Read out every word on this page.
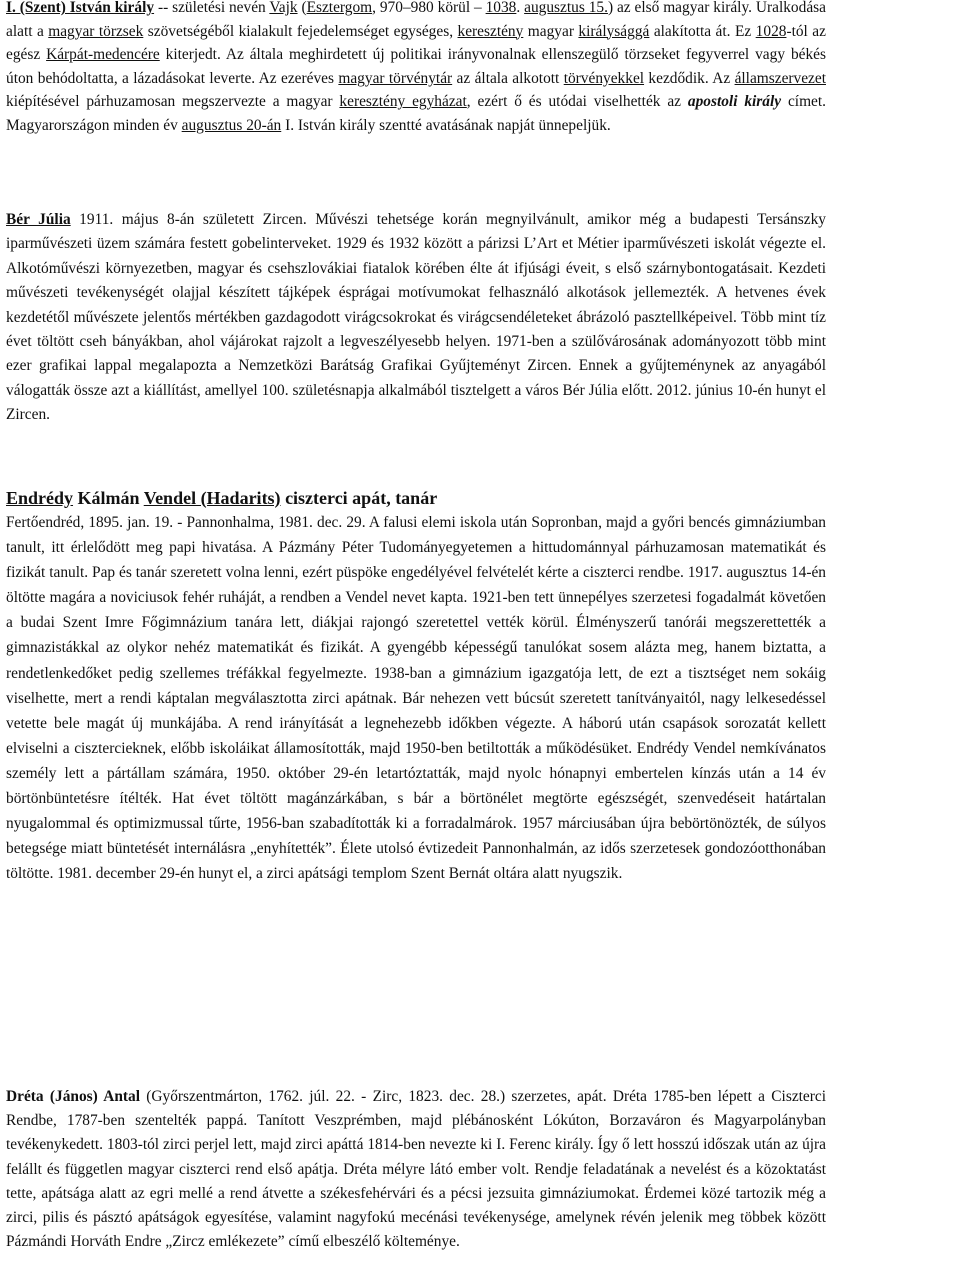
I. (Szent) István király -- születési nevén Vajk (Esztergom, 970–980 körül – 1038. augusztus 15.) az első magyar király. Uralkodása alatt a magyar törzsek szövetségéből kialakult fejedelemséget egységes, keresztény magyar királysággá alakította át. Ez 1028-tól az egész Kárpát-medencére kiterjedt. Az általa meghirdetett új politikai irányvonalnak ellenszegülő törzseket fegyverrel vagy békés úton behódoltatta, a lázadásokat leverte. Az ezeréves magyar törvénytár az általa alkotott törvényekkel kezdődik. Az államszervezet kiépítésével párhuzamosan megszervezte a magyar keresztény egyházat, ezért ő és utódai viselhették az apostoli király címet. Magyarországon minden év augusztus 20-án I. István király szentté avatásának napját ünnepeljük.

Bér Júlia 1911. május 8-án született Zircen. Művészi tehetsége korán megnyilvánult, amikor még a budapesti Tersánszky iparművészeti üzem számára festett gobelinterveket. 1929 és 1932 között a párizsi L’Art et Métier iparművészeti iskolát végezte el. Alkotóművészi környezetben, magyar és csehszlovákiai fiatalok körében élte át ifjúsági éveit, s első szárnybontogatásait. Kezdeti művészeti tevékenységét olajjal készített tájképek ésprágai motívumokat felhasználó alkotások jellemezték. A hetvenes évek kezdetétől művészete jelentős mértékben gazdagodott virágcsokrokat és virágcsendéleteket ábrázoló pasztellképeivel. Több mint tíz évet töltött cseh bányákban, ahol vájárokat rajzolt a legveszélyesebb helyen. 1971-ben a szülővárosának adományozott több mint ezer grafikai lappal megalapozta a Nemzetközi Barátság Grafikai Gyűjteményt Zircen. Ennek a gyűjteménynek az anyagából válogatták össze azt a kiállítást, amellyel 100. születésnapja alkalmából tisztelgett a város Bér Júlia előtt. 2012. június 10-én hunyt el Zircen.

Endrédy Kálmán Vendel (Hadarits) ciszterci apát, tanár

Fertőendréd, 1895. jan. 19. - Pannonhalma, 1981. dec. 29. A falusi elemi iskola után Sopronban, majd a győri bencés gimnáziumban tanult, itt érlelődött meg papi hivatása. A Pázmány Péter Tudományegyetemen a hittudománnyal párhuzamosan matematikát és fizikát tanult. Pap és tanár szeretett volna lenni, ezért püspöke engedélyével felvételét kérte a ciszterci rendbe. 1917. augusztus 14-én öltötte magára a noviciusok fehér ruháját, a rendben a Vendel nevet kapta. 1921-ben tett ünnepélyes szerzetesi fogadalmát követően a budai Szent Imre Főgimnázium tanára lett, diákjai rajongó szeretettel vették körül. Élményszerű tanórái megszerettették a gimnazistákkal az olykor nehéz matematikát és fizikát. A gyengébb képességű tanulókat sosem alázta meg, hanem biztatta, a rendetlenkedőket pedig szellemes tréfákkal fegyelmezte. 1938-ban a gimnázium igazgatója lett, de ezt a tisztséget nem sokáig viselhette, mert a rendi káptalan megválasztotta zirci apátnak. Bár nehezen vett búcsút szeretett tanítványaitól, nagy lelkesedéssel vetette bele magát új munkájába. A rend irányítását a legnehezebb időkben végezte. A háború után csapások sorozatát kellett elviselni a cisztercieknek, előbb iskoláikat államosították, majd 1950-ben betiltották a működésüket. Endrédy Vendel nemkívánatos személy lett a pártállam számára, 1950. október 29-én letartóztatták, majd nyolc hónapnyi embertelen kínzás után a 14 év börtönbüntetésre ítélték. Hat évet töltött magánzárkában, s bár a börtönélet megtörte egészségét, szenvedéseit határtalan nyugalommal és optimizmussal tűrte, 1956-ban szabadították ki a forradalmárok. 1957 márciusában újra bebörtönözték, de súlyos betegsége miatt büntetését internálásra „enyhítették”. Élete utolsó évtizedeit Pannonhalmán, az idős szerzetesek gondozóotthonában töltötte. 1981. december 29-én hunyt el, a zirci apátsági templom Szent Bernát oltára alatt nyugszik.

Dréta (János) Antal (Győrszentmárton, 1762. júl. 22. - Zirc, 1823. dec. 28.) szerzetes, apát. Dréta 1785-ben lépett a Ciszterci Rendbe, 1787-ben szentelték pappá. Tanított Veszprémben, majd plébánosként Lókúton, Borzaváron és Magyarpolányban tevékenykedett. 1803-tól zirci perjel lett, majd zirci apáttá 1814-ben nevezte ki I. Ferenc király. Így ő lett hosszú időszak után az újra felállt és független magyar ciszterci rend első apátja. Dréta mélyre látó ember volt. Rendje feladatának a nevelést és a közoktatást tette, apátsága alatt az egri mellé a rend átvette a székesfehérvári és a pécsi jezsuita gimnáziumokat. Érdemei közé tartozik még a zirci, pilis és pásztó apátságok egyesítése, valamint nagyfokú mecénási tevékenysége, amelynek révén jelenik meg többek között Pázmándi Horváth Endre „Zircz emlékezete” című elbeszélő költeménye.
